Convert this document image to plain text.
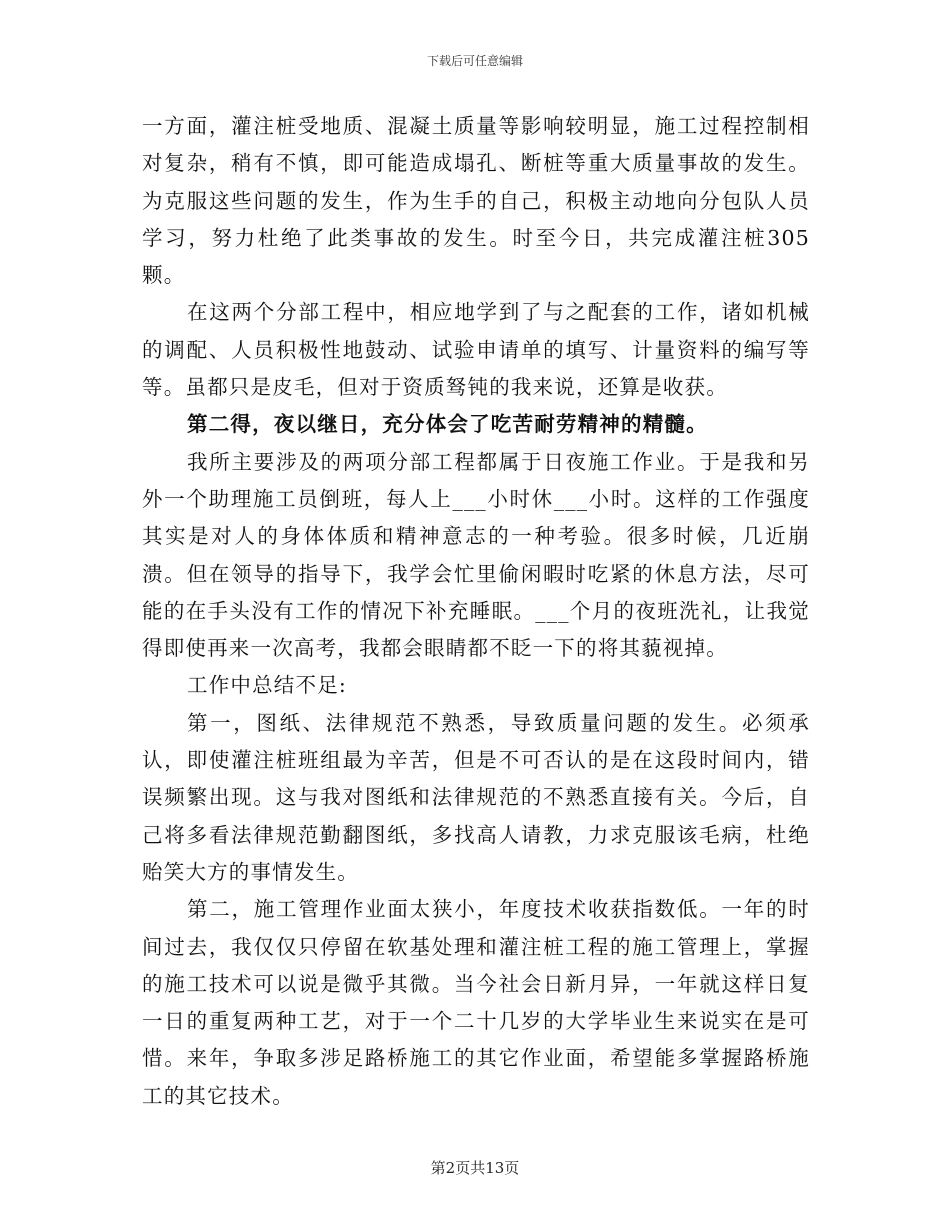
下载后可任意编辑

一方面，灌注桩受地质、混凝土质量等影响较明显，施工过程控制相对复杂，稍有不慎，即可能造成塌孔、断桩等重大质量事故的发生。为克服这些问题的发生，作为生手的自己，积极主动地向分包队人员学习，努力杜绝了此类事故的发生。时至今日，共完成灌注桩305颗。

在这两个分部工程中，相应地学到了与之配套的工作，诸如机械的调配、人员积极性地鼓动、试验申请单的填写、计量资料的编写等等。虽都只是皮毛，但对于资质驽钝的我来说，还算是收获。

第二得，夜以继日，充分体会了吃苦耐劳精神的精髓。

我所主要涉及的两项分部工程都属于日夜施工作业。于是我和另外一个助理施工员倒班，每人上___小时休___小时。这样的工作强度其实是对人的身体体质和精神意志的一种考验。很多时候，几近崩溃。但在领导的指导下，我学会忙里偷闲暇时吃紧的休息方法，尽可能的在手头没有工作的情况下补充睡眠。___个月的夜班洗礼，让我觉得即使再来一次高考，我都会眼睛都不眨一下的将其藐视掉。

工作中总结不足:

第一，图纸、法律规范不熟悉，导致质量问题的发生。必须承认，即使灌注桩班组最为辛苦，但是不可否认的是在这段时间内，错误频繁出现。这与我对图纸和法律规范的不熟悉直接有关。今后，自己将多看法律规范勤翻图纸，多找高人请教，力求克服该毛病，杜绝贻笑大方的事情发生。

第二，施工管理作业面太狭小，年度技术收获指数低。一年的时间过去，我仅仅只停留在软基处理和灌注桩工程的施工管理上，掌握的施工技术可以说是微乎其微。当今社会日新月异，一年就这样日复一日的重复两种工艺，对于一个二十几岁的大学毕业生来说实在是可惜。来年，争取多涉足路桥施工的其它作业面，希望能多掌握路桥施工的其它技术。

第2页共13页
